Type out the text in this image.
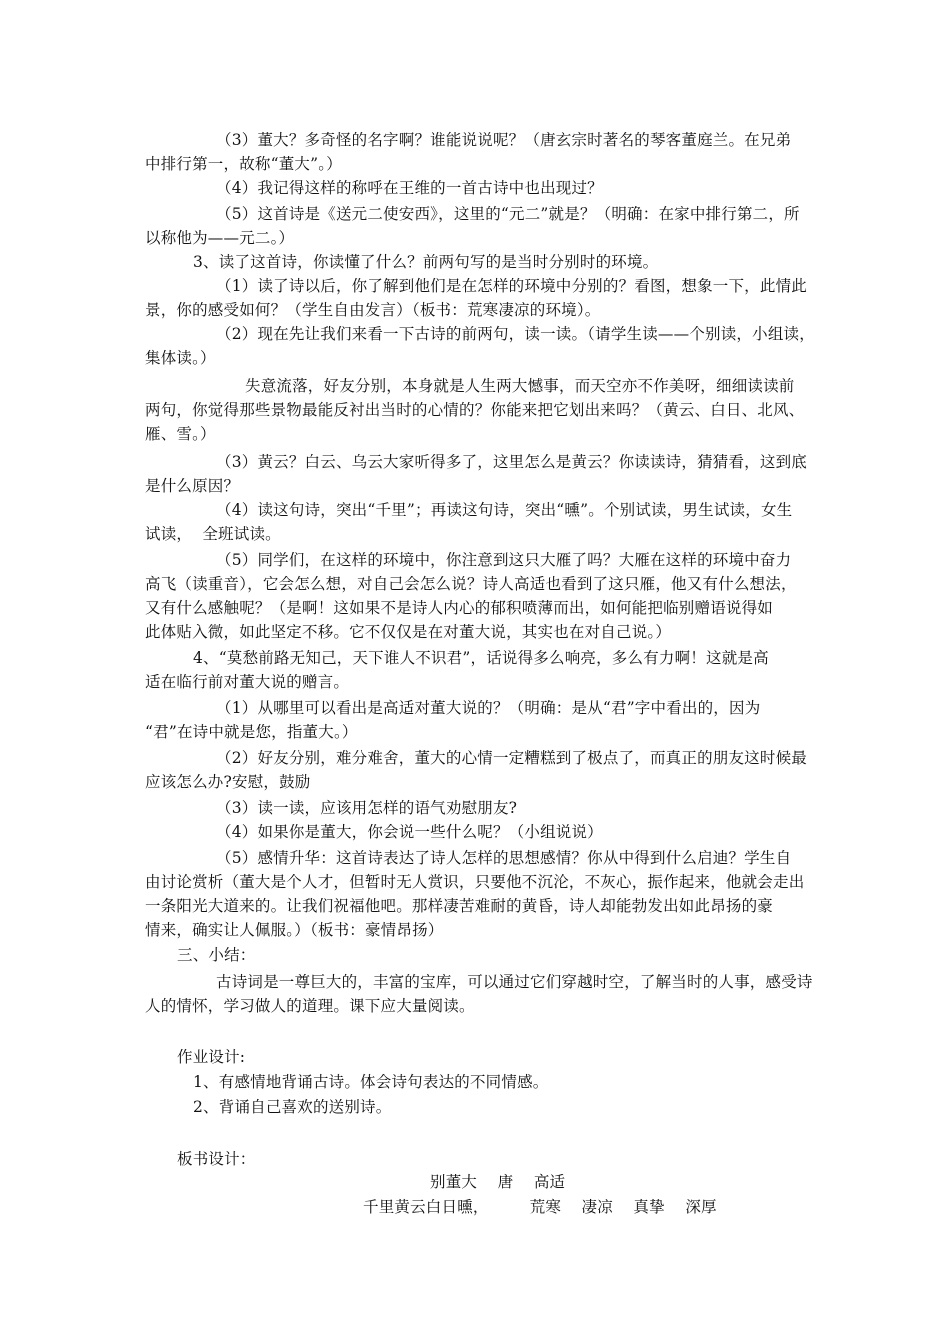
（3）董大？多奇怪的名字啊？谁能说说呢？（唐玄宗时著名的琴客董庭兰。在兄弟
中排行第一，故称“董大”。）
（4）我记得这样的称呼在王维的一首古诗中也出现过？
（5）这首诗是《送元二使安西》，这里的“元二”就是？（明确：在家中排行第二，所
以称他为——元二。）
3、读了这首诗，你读懂了什么？前两句写的是当时分别时的环境。
（1）读了诗以后，你了解到他们是在怎样的环境中分别的？看图，想象一下，此情此
景，你的感受如何？（学生自由发言）（板书：荒寒凄凉的环境）。
（2）现在先让我们来看一下古诗的前两句，读一读。（请学生读——个别读，小组读，
集体读。）
失意流落，好友分别，本身就是人生两大憾事，而天空亦不作美呀，细细读读前
两句，你觉得那些景物最能反衬出当时的心情的？你能来把它划出来吗？（黄云、白日、北风、
雁、雪。）
（3）黄云？白云、乌云大家听得多了，这里怎么是黄云？你读读诗，猜猜看，这到底
是什么原因？
（4）读这句诗，突出“千里”；再读这句诗，突出“曛”。个别试读，男生试读，女生
试读，  全班试读。
（5）同学们，在这样的环境中，你注意到这只大雁了吗？大雁在这样的环境中奋力
高飞（读重音），它会怎么想，对自己会怎么说？诗人高适也看到了这只雁，他又有什么想法，
又有什么感触呢？（是啊！这如果不是诗人内心的郁积喷薄而出，如何能把临别赠语说得如
此体贴入微，如此坚定不移。它不仅仅是在对董大说，其实也在对自己说。）
4、“莫愁前路无知己，天下谁人不识君”，话说得多么响亮，多么有力啊！这就是高
适在临行前对董大说的赠言。
（1）从哪里可以看出是高适对董大说的？（明确：是从“君”字中看出的，因为
“君”在诗中就是您，指董大。）
（2）好友分别，难分难舍，董大的心情一定糟糕到了极点了，而真正的朋友这时候最
应该怎么办?安慰，鼓励
（3）读一读，应该用怎样的语气劝慰朋友?
（4）如果你是董大，你会说一些什么呢？（小组说说）
（5）感情升华：这首诗表达了诗人怎样的思想感情？你从中得到什么启迪？学生自
由讨论赏析（董大是个人才，但暂时无人赏识，只要他不沉沦，不灰心，振作起来，他就会走出
一条阳光大道来的。让我们祝福他吧。那样凄苦难耐的黄昏，诗人却能勃发出如此昂扬的豪
情来，确实让人佩服。）（板书：豪情昂扬）
三、小结：
古诗词是一尊巨大的，丰富的宝库，可以通过它们穿越时空，了解当时的人事，感受诗
人的情怀，学习做人的道理。课下应大量阅读。
作业设计:
1、有感情地背诵古诗。体会诗句表达的不同情感。
2、背诵自己喜欢的送别诗。
板书设计：
别董大    唐    高适
千里黄云白日曛，        荒寒    凄凉    真挚    深厚
